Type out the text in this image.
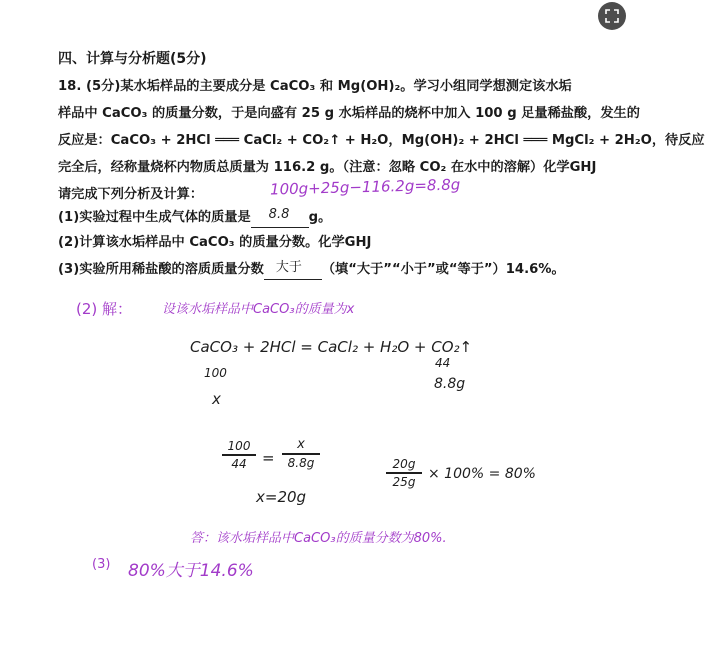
四、计算与分析题(5分)
18. (5分)某水垢样品的主要成分是 CaCO₃ 和 Mg(OH)₂。学习小组同学想测定该水垢
样品中 CaCO₃ 的质量分数，于是向盛有 25 g 水垢样品的烧杯中加入 100 g 足量稀盐酸，发生的
反应是：CaCO₃ + 2HCl ═══ CaCl₂ + CO₂↑ + H₂O，Mg(OH)₂ + 2HCl ═══ MgCl₂ + 2H₂O，待反应
完全后，经称量烧杯内物质总质量为 116.2 g。（注意：忽略 CO₂ 在水中的溶解）化学GHJ
请完成下列分析及计算：
(1)实验过程中生成气体的质量是 8.8 g。
(2)计算该水垢样品中 CaCO₃ 的质量分数。化学GHJ
(3)实验所用稀盐酸的溶质质量分数 大于 （填“大于”“小于”或“等于”）14.6%。
100g+25g−116.2g=8.8g
(2) 解： 设该水垢样品中CaCO₃的质量为x
CaCO₃ + 2HCl = CaCl₂ + H₂O + CO₂↑
100
44
x
8.8g
100
44 =
x
8.8g
x=20g
20g
25g × 100% = 80%
答：该水垢样品中CaCO₃的质量分数为80%.
(3) 80%大于14.6%
